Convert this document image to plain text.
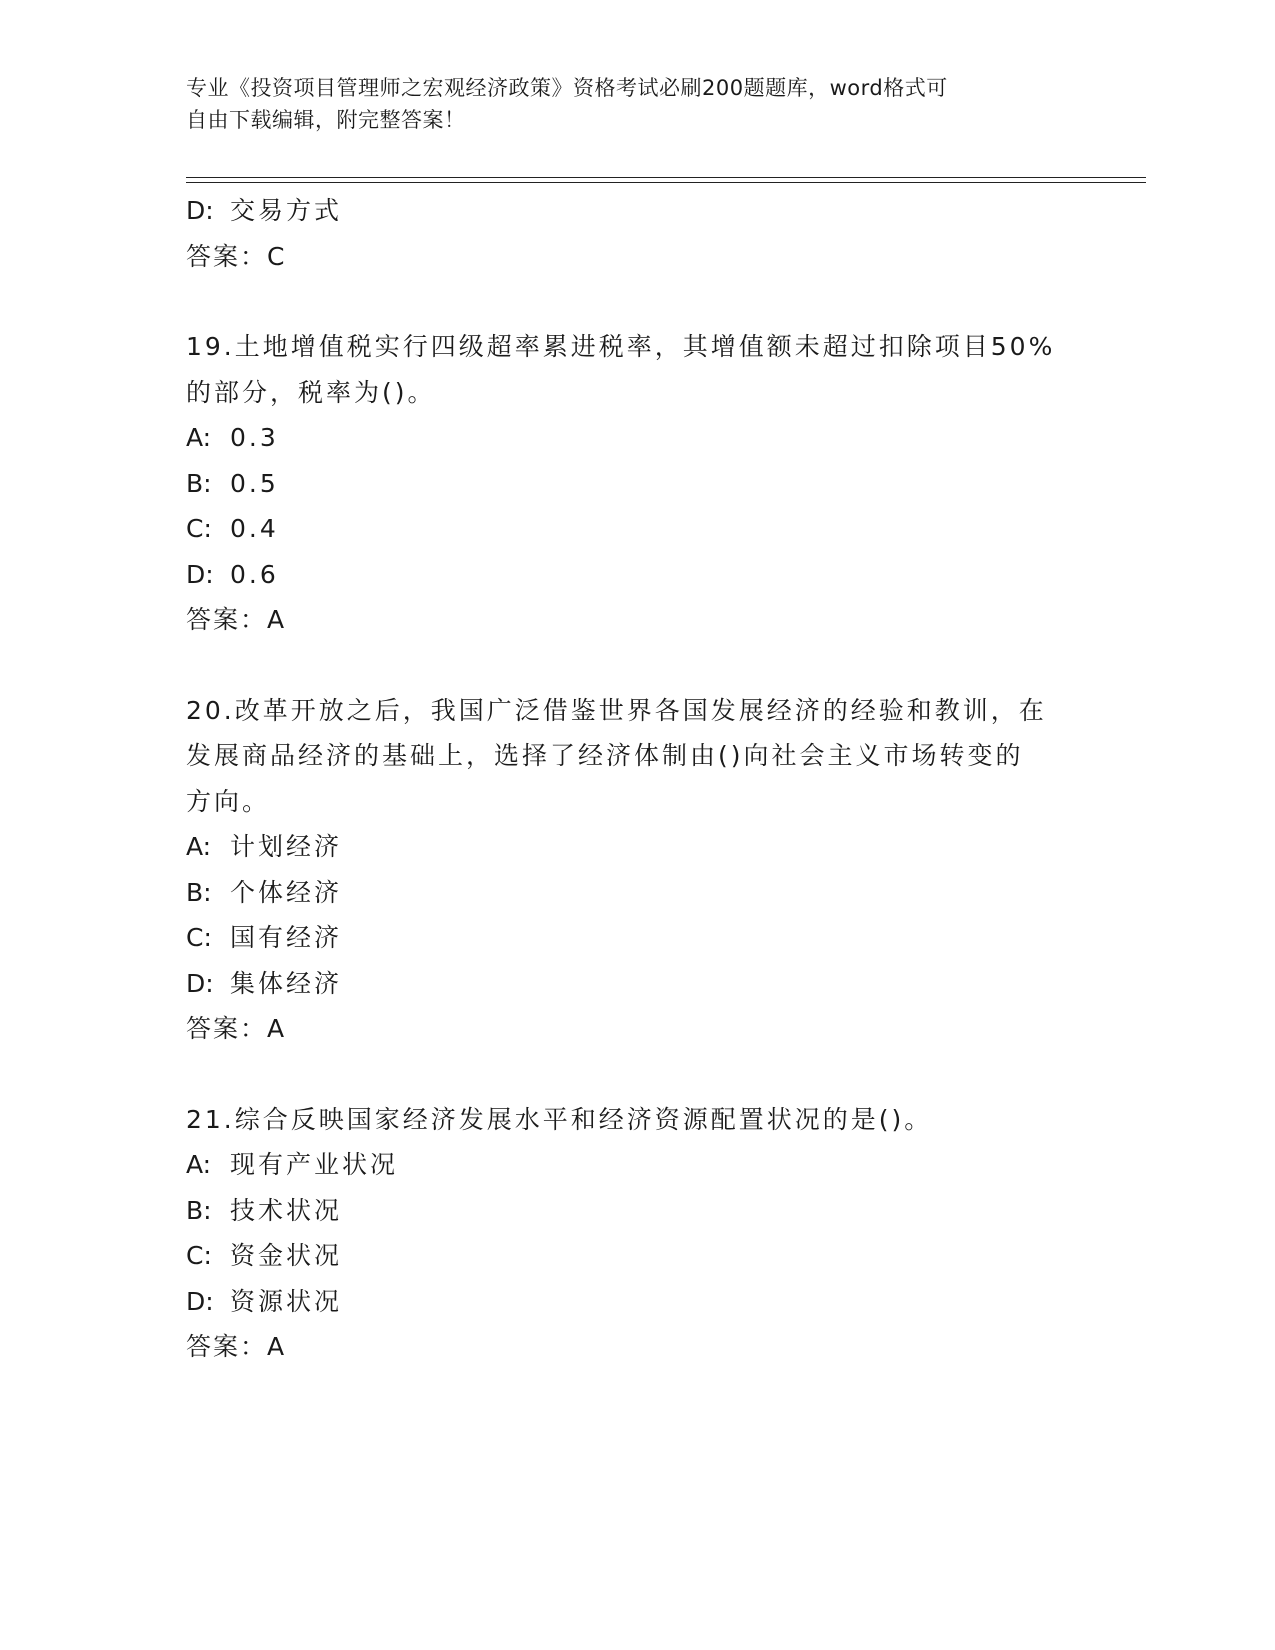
专业《投资项目管理师之宏观经济政策》资格考试必刷200题题库，word格式可
自由下载编辑，附完整答案！
D: 交易方式
答案：C
19.土地增值税实行四级超率累进税率，其增值额未超过扣除项目50%
的部分，税率为()。
A: 0.3
B: 0.5
C: 0.4
D: 0.6
答案：A
20.改革开放之后，我国广泛借鉴世界各国发展经济的经验和教训，在
发展商品经济的基础上，选择了经济体制由()向社会主义市场转变的
方向。
A: 计划经济
B: 个体经济
C: 国有经济
D: 集体经济
答案：A
21.综合反映国家经济发展水平和经济资源配置状况的是()。
A: 现有产业状况
B: 技术状况
C: 资金状况
D: 资源状况
答案：A
